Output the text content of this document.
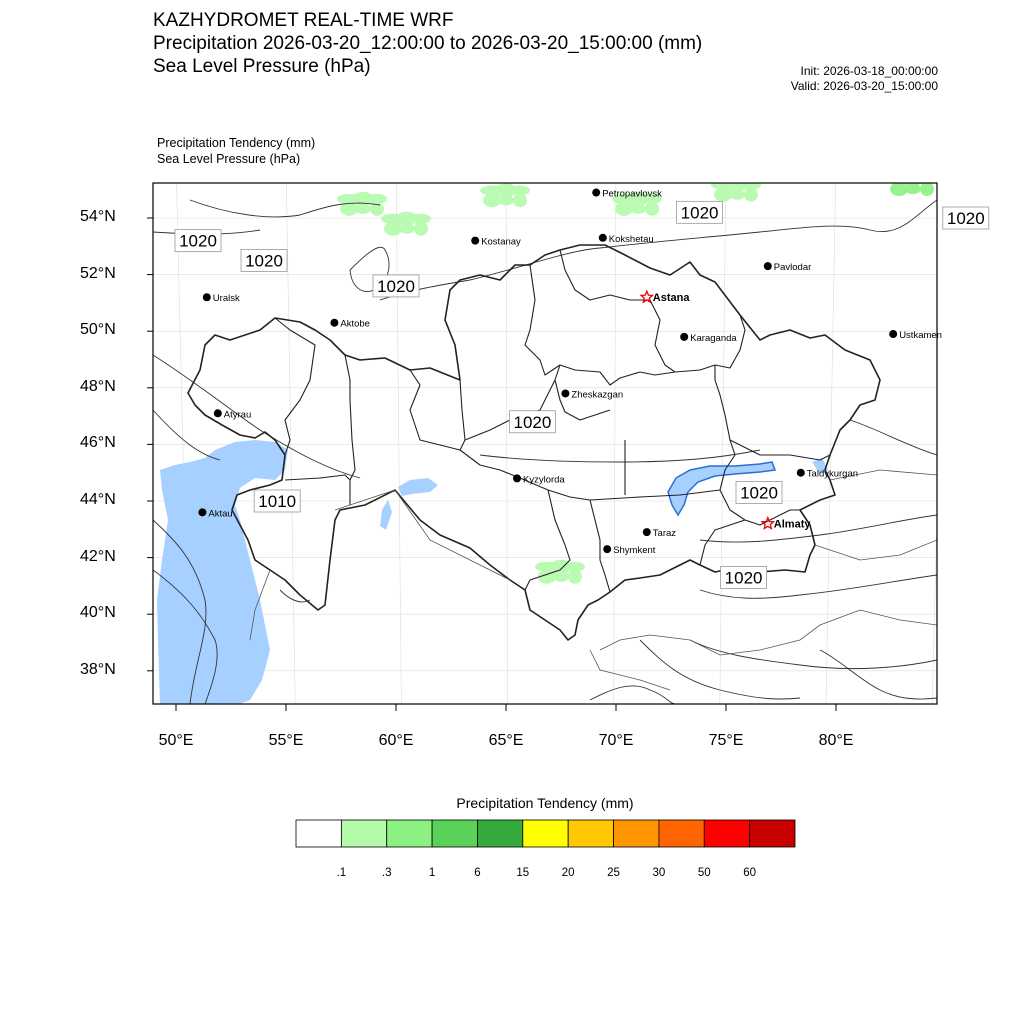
KAZHYDROMET REAL-TIME WRF
Precipitation 2026-03-20_12:00:00 to 2026-03-20_15:00:00 (mm)
Sea Level Pressure (hPa)	Init: 2026-03-18_00:00:00
Valid: 2026-03-20_15:00:00
Precipitation Tendency (mm)
Sea Level Pressure (hPa)
1020
1020
1020
1020	1020
1020
1010	1020
1020
Petropavlovsk
Kostanay	Kokshetau
Uralsk
Pavlodar
Aktobe
Astana
Ustkamen
Karaganda
Atyrau
Zheskazgan
Kyzylorda
Aktau
Taldykurgan
Almaty
Taraz
Shymkent
54°N
52°N
50°N
48°N
46°N
44°N
42°N
40°N
38°N
50°E	55°E	60°E	65°E	70°E	75°E	80°E
Precipitation Tendency (mm)
.1	.3	1	6	15	20	25	30	50	60
